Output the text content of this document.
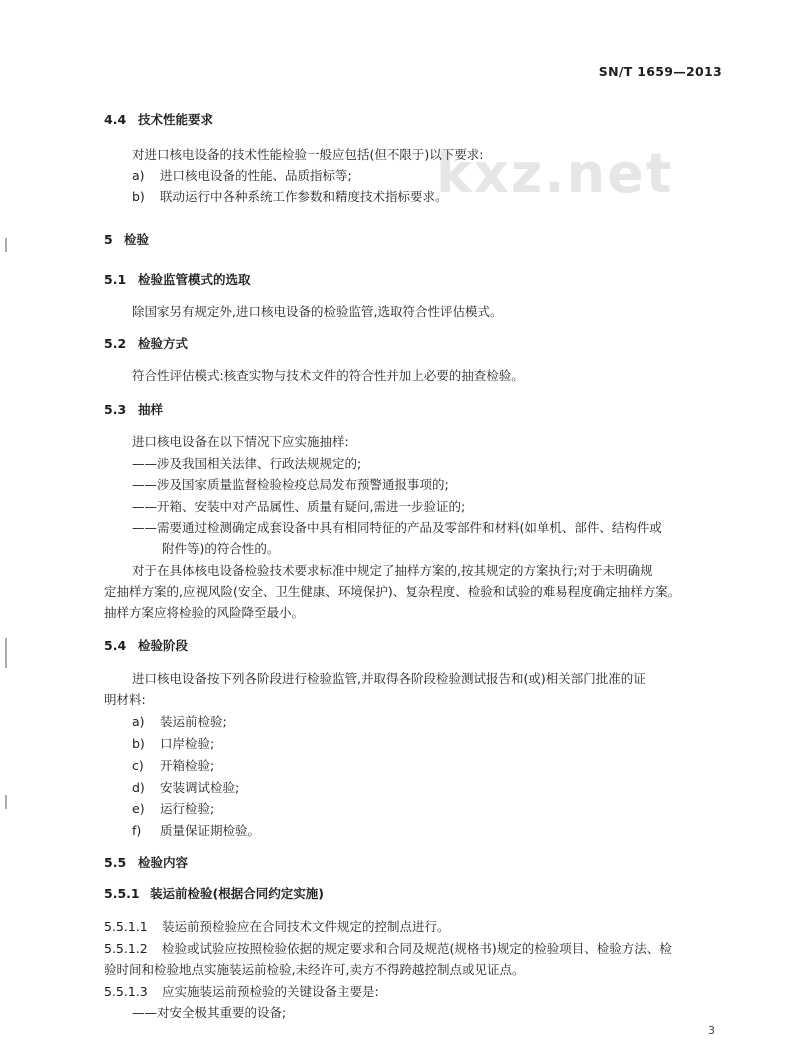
SN/T 1659—2013
kxz.net
4.4 技术性能要求
对进口核电设备的技术性能检验一般应包括(但不限于)以下要求:
a) 进口核电设备的性能、品质指标等;
b) 联动运行中各种系统工作参数和精度技术指标要求。
5 检验
5.1 检验监管模式的选取
除国家另有规定外,进口核电设备的检验监管,选取符合性评估模式。
5.2 检验方式
符合性评估模式:核查实物与技术文件的符合性并加上必要的抽查检验。
5.3 抽样
进口核电设备在以下情况下应实施抽样:
——涉及我国相关法律、行政法规规定的;
——涉及国家质量监督检验检疫总局发布预警通报事项的;
——开箱、安装中对产品属性、质量有疑问,需进一步验证的;
——需要通过检测确定成套设备中具有相同特征的产品及零部件和材料(如单机、部件、结构件或
附件等)的符合性的。
对于在具体核电设备检验技术要求标准中规定了抽样方案的,按其规定的方案执行;对于未明确规
定抽样方案的,应视风险(安全、卫生健康、环境保护)、复杂程度、检验和试验的难易程度确定抽样方案。
抽样方案应将检验的风险降至最小。
5.4 检验阶段
进口核电设备按下列各阶段进行检验监管,并取得各阶段检验测试报告和(或)相关部门批准的证
明材料:
a) 装运前检验;
b) 口岸检验;
c) 开箱检验;
d) 安装调试检验;
e) 运行检验;
f) 质量保证期检验。
5.5 检验内容
5.5.1 装运前检验(根据合同约定实施)
5.5.1.1 装运前预检验应在合同技术文件规定的控制点进行。
5.5.1.2 检验或试验应按照检验依据的规定要求和合同及规范(规格书)规定的检验项目、检验方法、检
验时间和检验地点实施装运前检验,未经许可,卖方不得跨越控制点或见证点。
5.5.1.3 应实施装运前预检验的关键设备主要是:
——对安全极其重要的设备;
3
